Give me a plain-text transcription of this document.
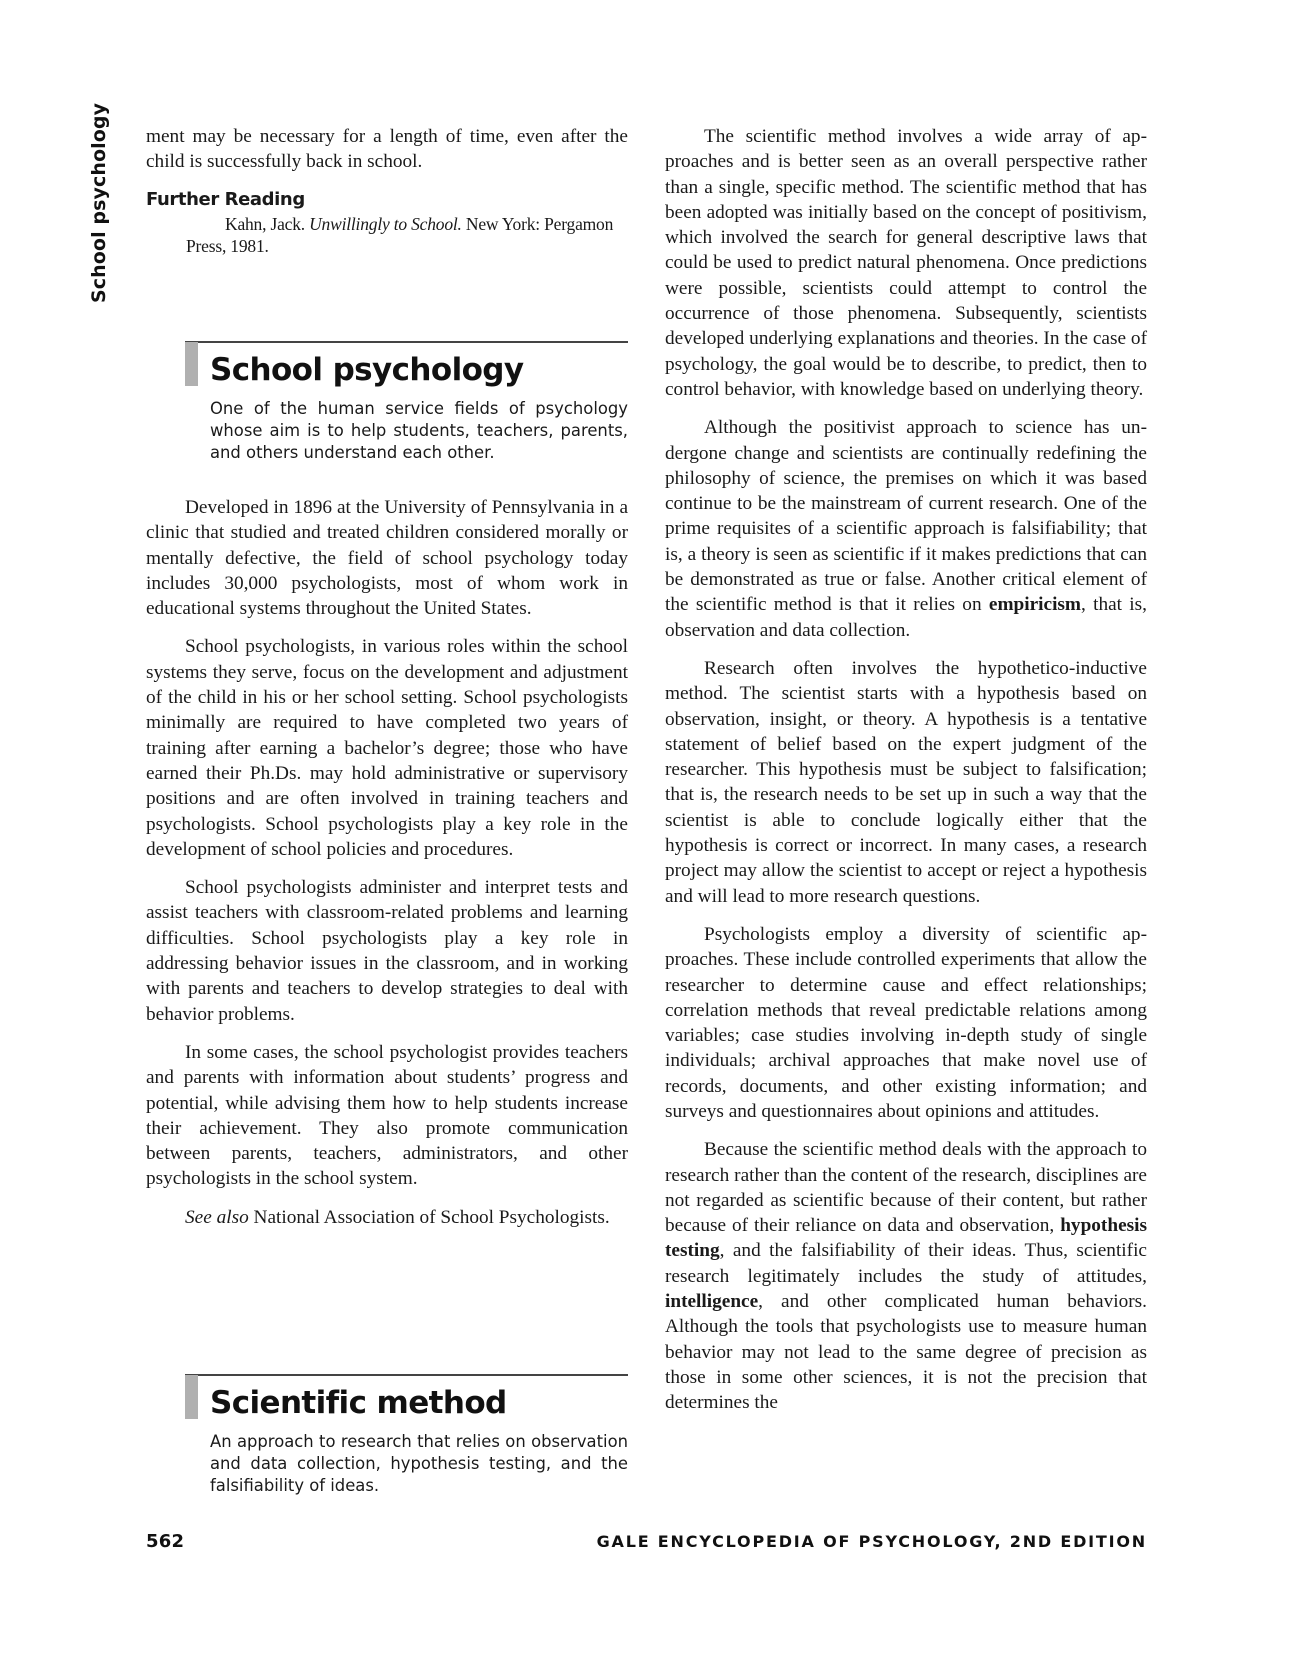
School psychology ment may be necessary for a length of time, even after the child is successfully back in school.

Further Reading

Kahn, Jack. Unwillingly to School. New York: Pergamon Press, 1981.

School psychology
One of the human service fields of psychology whose aim is to help students, teachers, parents, and others understand each other.

Developed in 1896 at the University of Pennsylvania in a clinic that studied and treated children considered morally or mentally defective, the field of school psychology today includes 30,000 psychologists, most of whom work in educational systems throughout the United States.

School psychologists, in various roles within the school systems they serve, focus on the development and adjustment of the child in his or her school setting. School psychologists minimally are required to have completed two years of training after earning a bachelor’s degree; those who have earned their Ph.Ds. may hold administrative or supervisory positions and are often involved in training teachers and psychologists. School psychologists play a key role in the development of school policies and procedures.

School psychologists administer and interpret tests and assist teachers with classroom-related problems and learning difficulties. School psychologists play a key role in addressing behavior issues in the classroom, and in working with parents and teachers to develop strategies to deal with behavior problems.

In some cases, the school psychologist provides teachers and parents with information about students’ progress and potential, while advising them how to help students increase their achievement. They also promote communication between parents, teachers, administrators, and other psychologists in the school system.

See also National Association of School Psychologists.

Scientific method
An approach to research that relies on observation and data collection, hypothesis testing, and the falsifiability of ideas.

The scientific method involves a wide array of approaches and is better seen as an overall perspective rather than a single, specific method. The scientific method that has been adopted was initially based on the concept of positivism, which involved the search for general descriptive laws that could be used to predict natural phenomena. Once predictions were possible, scientists could attempt to control the occurrence of those phenomena. Subsequently, scientists developed underlying explanations and theories. In the case of psychology, the goal would be to describe, to predict, then to control behavior, with knowledge based on underlying theory.

Although the positivist approach to science has undergone change and scientists are continually redefining the philosophy of science, the premises on which it was based continue to be the mainstream of current research. One of the prime requisites of a scientific approach is falsifiability; that is, a theory is seen as scientific if it makes predictions that can be demonstrated as true or false. Another critical element of the scientific method is that it relies on empiricism, that is, observation and data collection.

Research often involves the hypothetico-inductive method. The scientist starts with a hypothesis based on observation, insight, or theory. A hypothesis is a tentative statement of belief based on the expert judgment of the researcher. This hypothesis must be subject to falsification; that is, the research needs to be set up in such a way that the scientist is able to conclude logically either that the hypothesis is correct or incorrect. In many cases, a research project may allow the scientist to accept or reject a hypothesis and will lead to more research questions.

Psychologists employ a diversity of scientific approaches. These include controlled experiments that allow the researcher to determine cause and effect relationships; correlation methods that reveal predictable relations among variables; case studies involving in-depth study of single individuals; archival approaches that make novel use of records, documents, and other existing information; and surveys and questionnaires about opinions and attitudes.

Because the scientific method deals with the approach to research rather than the content of the research, disciplines are not regarded as scientific because of their content, but rather because of their reliance on data and observation, hypothesis testing, and the falsifiability of their ideas. Thus, scientific research legitimately includes the study of attitudes, intelligence, and other complicated human behaviors. Although the tools that psychologists use to measure human behavior may not lead to the same degree of precision as those in some other sciences, it is not the precision that determines the

562	GALE ENCYCLOPEDIA OF PSYCHOLOGY, 2ND EDITION
